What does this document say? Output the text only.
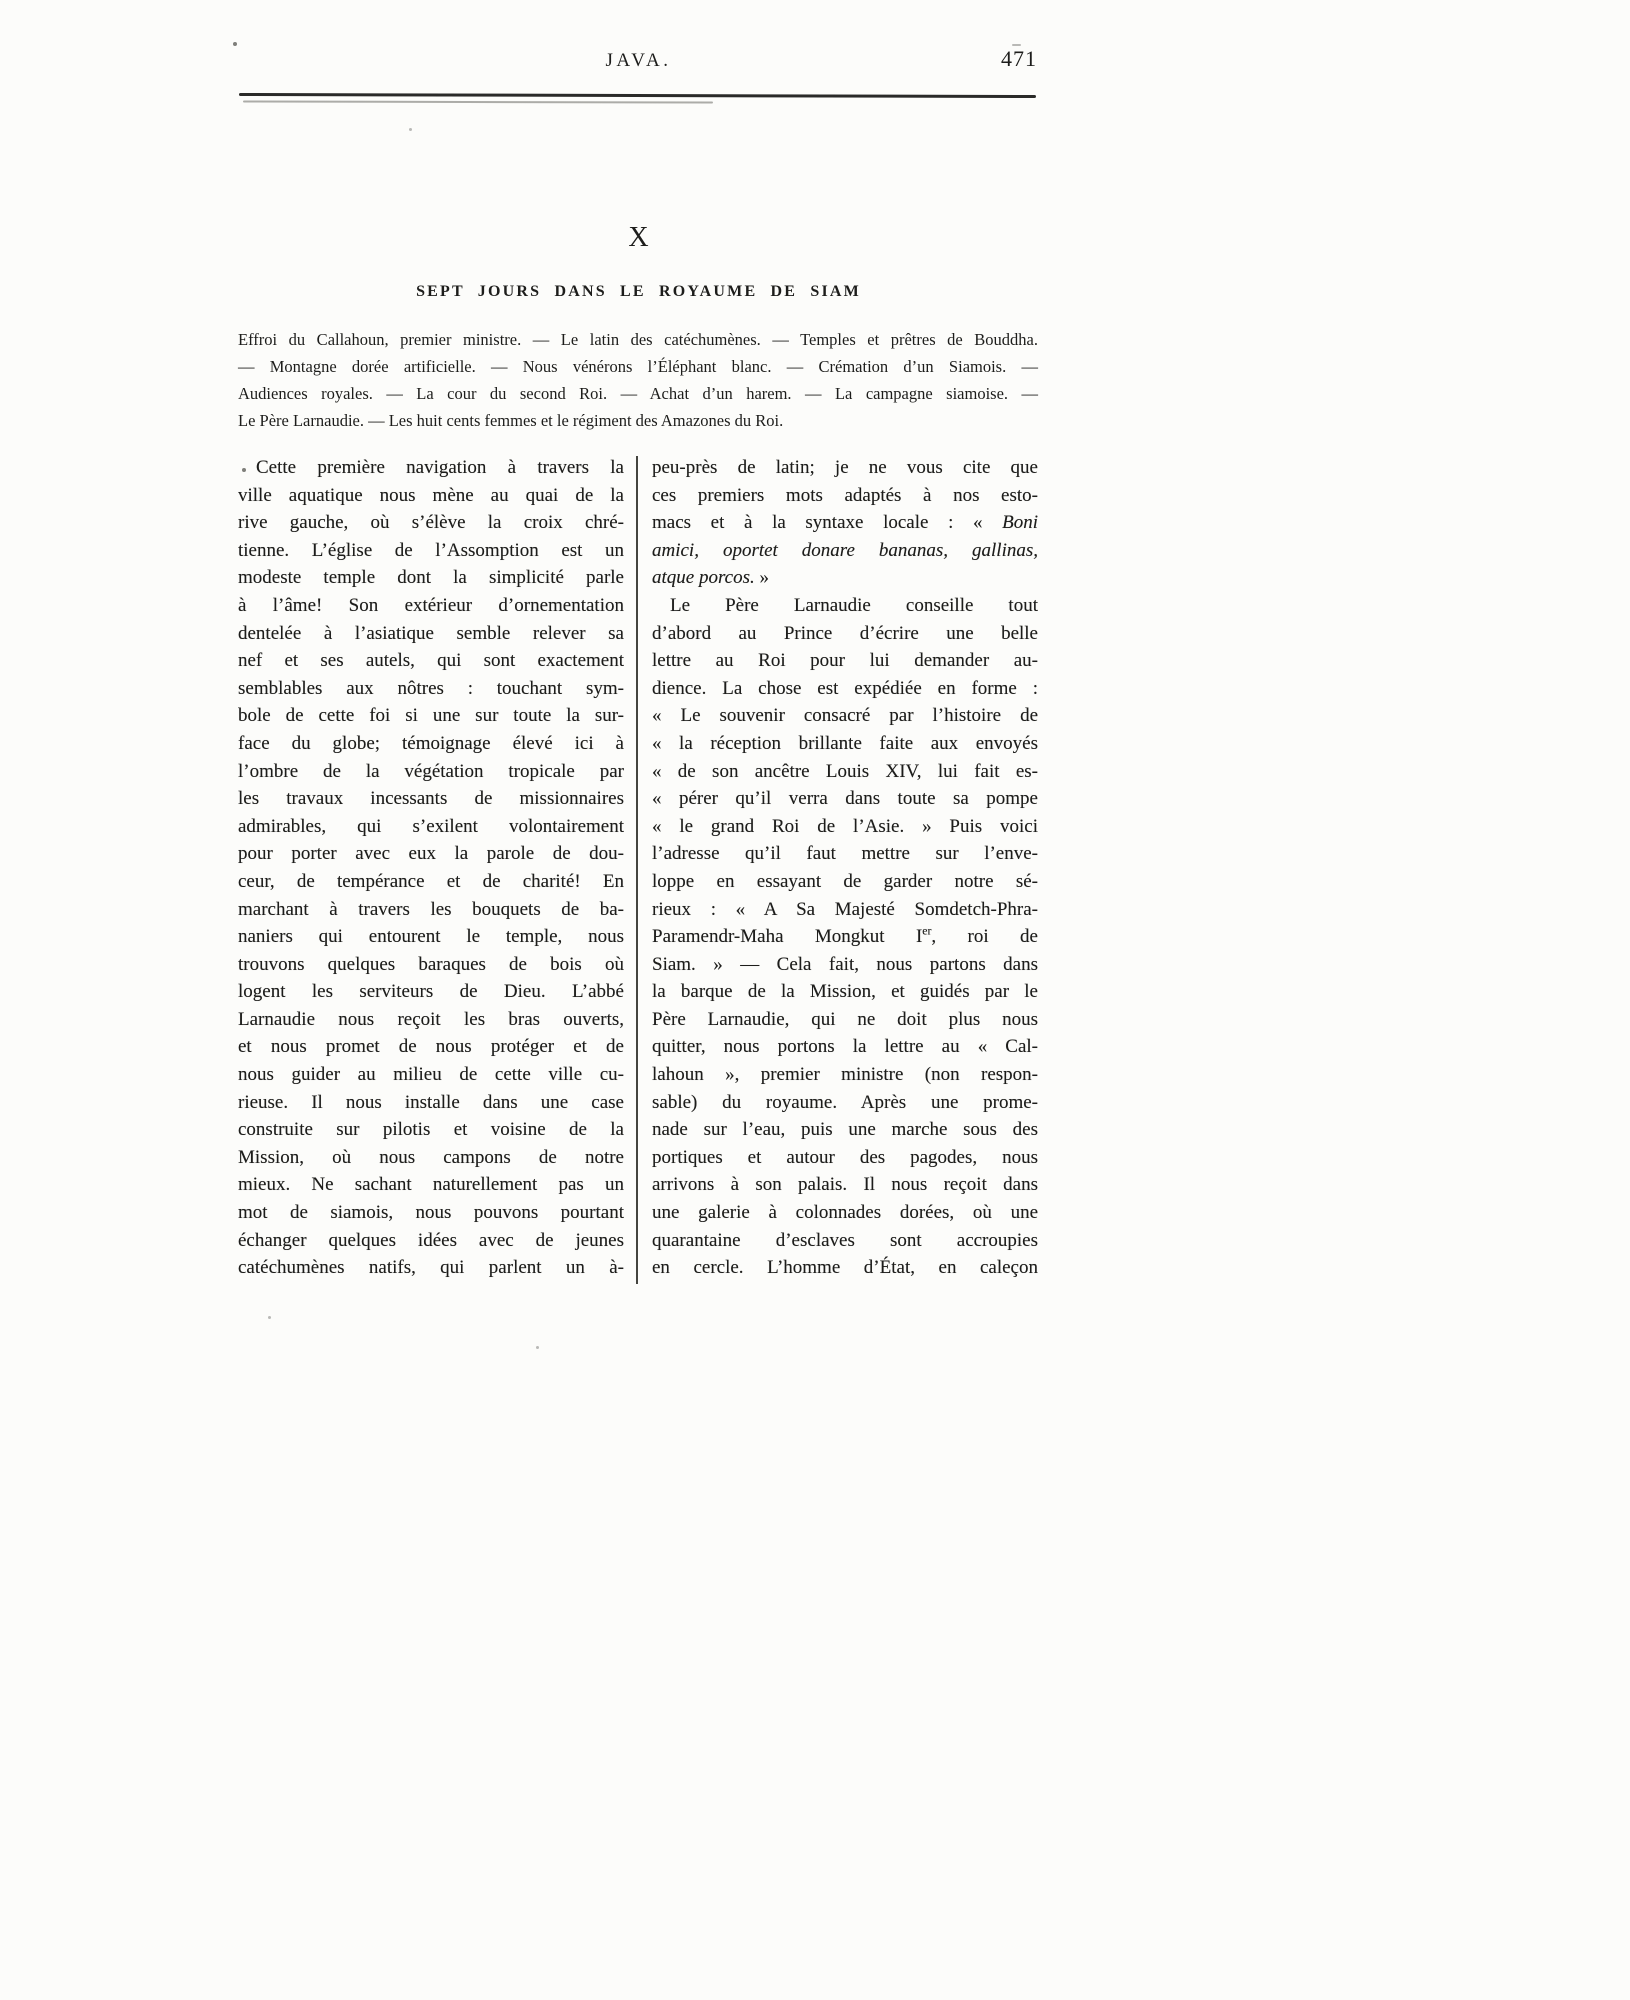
JAVA.	471
X
SEPT JOURS DANS LE ROYAUME DE SIAM
Effroi du Callahoun, premier ministre. — Le latin des catéchumènes. — Temples et prêtres de Bouddha.
— Montagne dorée artificielle. — Nous vénérons l’Éléphant blanc. — Crémation d’un Siamois. —
Audiences royales. — La cour du second Roi. — Achat d’un harem. — La campagne siamoise. —
Le Père Larnaudie. — Les huit cents femmes et le régiment des Amazones du Roi.
Cette première navigation à travers la
ville aquatique nous mène au quai de la
rive gauche, où s’élève la croix chré-
tienne. L’église de l’Assomption est un
modeste temple dont la simplicité parle
à l’âme! Son extérieur d’ornementation
dentelée à l’asiatique semble relever sa
nef et ses autels, qui sont exactement
semblables aux nôtres : touchant sym-
bole de cette foi si une sur toute la sur-
face du globe; témoignage élevé ici à
l’ombre de la végétation tropicale par
les travaux incessants de missionnaires
admirables, qui s’exilent volontairement
pour porter avec eux la parole de dou-
ceur, de tempérance et de charité! En
marchant à travers les bouquets de ba-
naniers qui entourent le temple, nous
trouvons quelques baraques de bois où
logent les serviteurs de Dieu. L’abbé
Larnaudie nous reçoit les bras ouverts,
et nous promet de nous protéger et de
nous guider au milieu de cette ville cu-
rieuse. Il nous installe dans une case
construite sur pilotis et voisine de la
Mission, où nous campons de notre
mieux. Ne sachant naturellement pas un
mot de siamois, nous pouvons pourtant
échanger quelques idées avec de jeunes
catéchumènes natifs, qui parlent un à-
peu-près de latin; je ne vous cite que
ces premiers mots adaptés à nos esto-
macs et à la syntaxe locale : « Boni
amici, oportet donare bananas, gallinas,
atque porcos. »
Le Père Larnaudie conseille tout
d’abord au Prince d’écrire une belle
lettre au Roi pour lui demander au-
dience. La chose est expédiée en forme :
« Le souvenir consacré par l’histoire de
« la réception brillante faite aux envoyés
« de son ancêtre Louis XIV, lui fait es-
« pérer qu’il verra dans toute sa pompe
« le grand Roi de l’Asie. » Puis voici
l’adresse qu’il faut mettre sur l’enve-
loppe en essayant de garder notre sé-
rieux : « A Sa Majesté Somdetch-Phra-
Paramendr-Maha Mongkut Ier, roi de
Siam. » — Cela fait, nous partons dans
la barque de la Mission, et guidés par le
Père Larnaudie, qui ne doit plus nous
quitter, nous portons la lettre au « Cal-
lahoun », premier ministre (non respon-
sable) du royaume. Après une prome-
nade sur l’eau, puis une marche sous des
portiques et autour des pagodes, nous
arrivons à son palais. Il nous reçoit dans
une galerie à colonnades dorées, où une
quarantaine d’esclaves sont accroupies
en cercle. L’homme d’État, en caleçon
